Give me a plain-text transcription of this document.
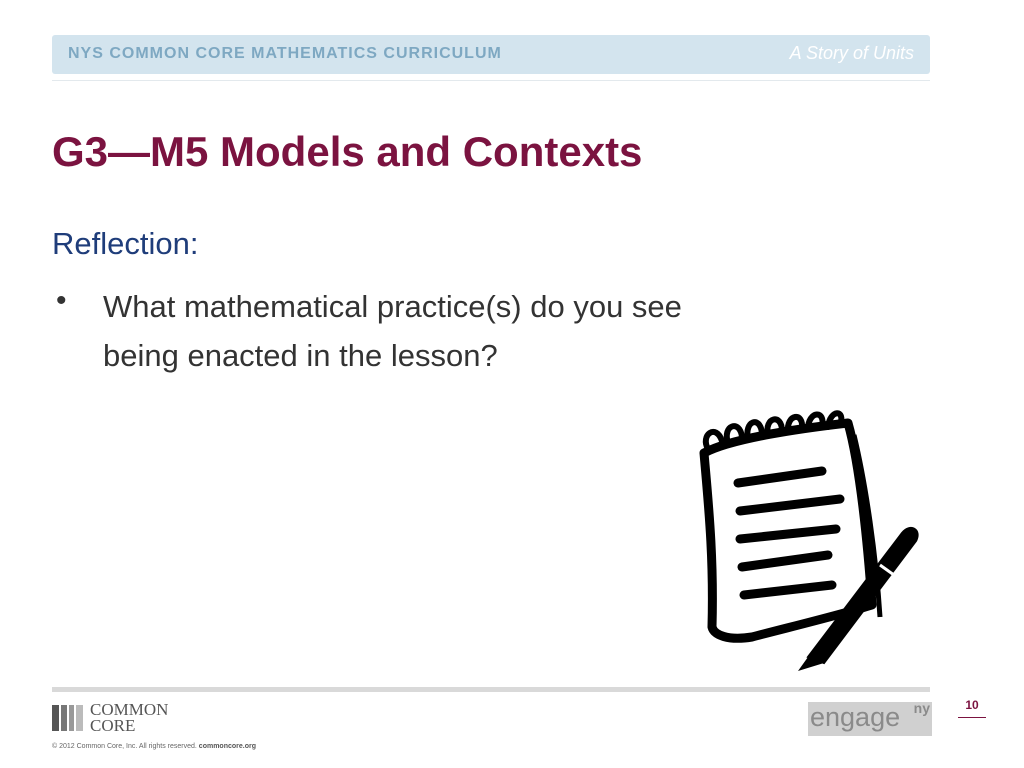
NYS COMMON CORE MATHEMATICS CURRICULUM	A Story of Units
G3—M5 Models and Contexts
Reflection:
• What mathematical practice(s) do you see being enacted in the lesson?
COMMON
CORE
© 2012 Common Core, Inc. All rights reserved. commoncore.org
10
engage ny
